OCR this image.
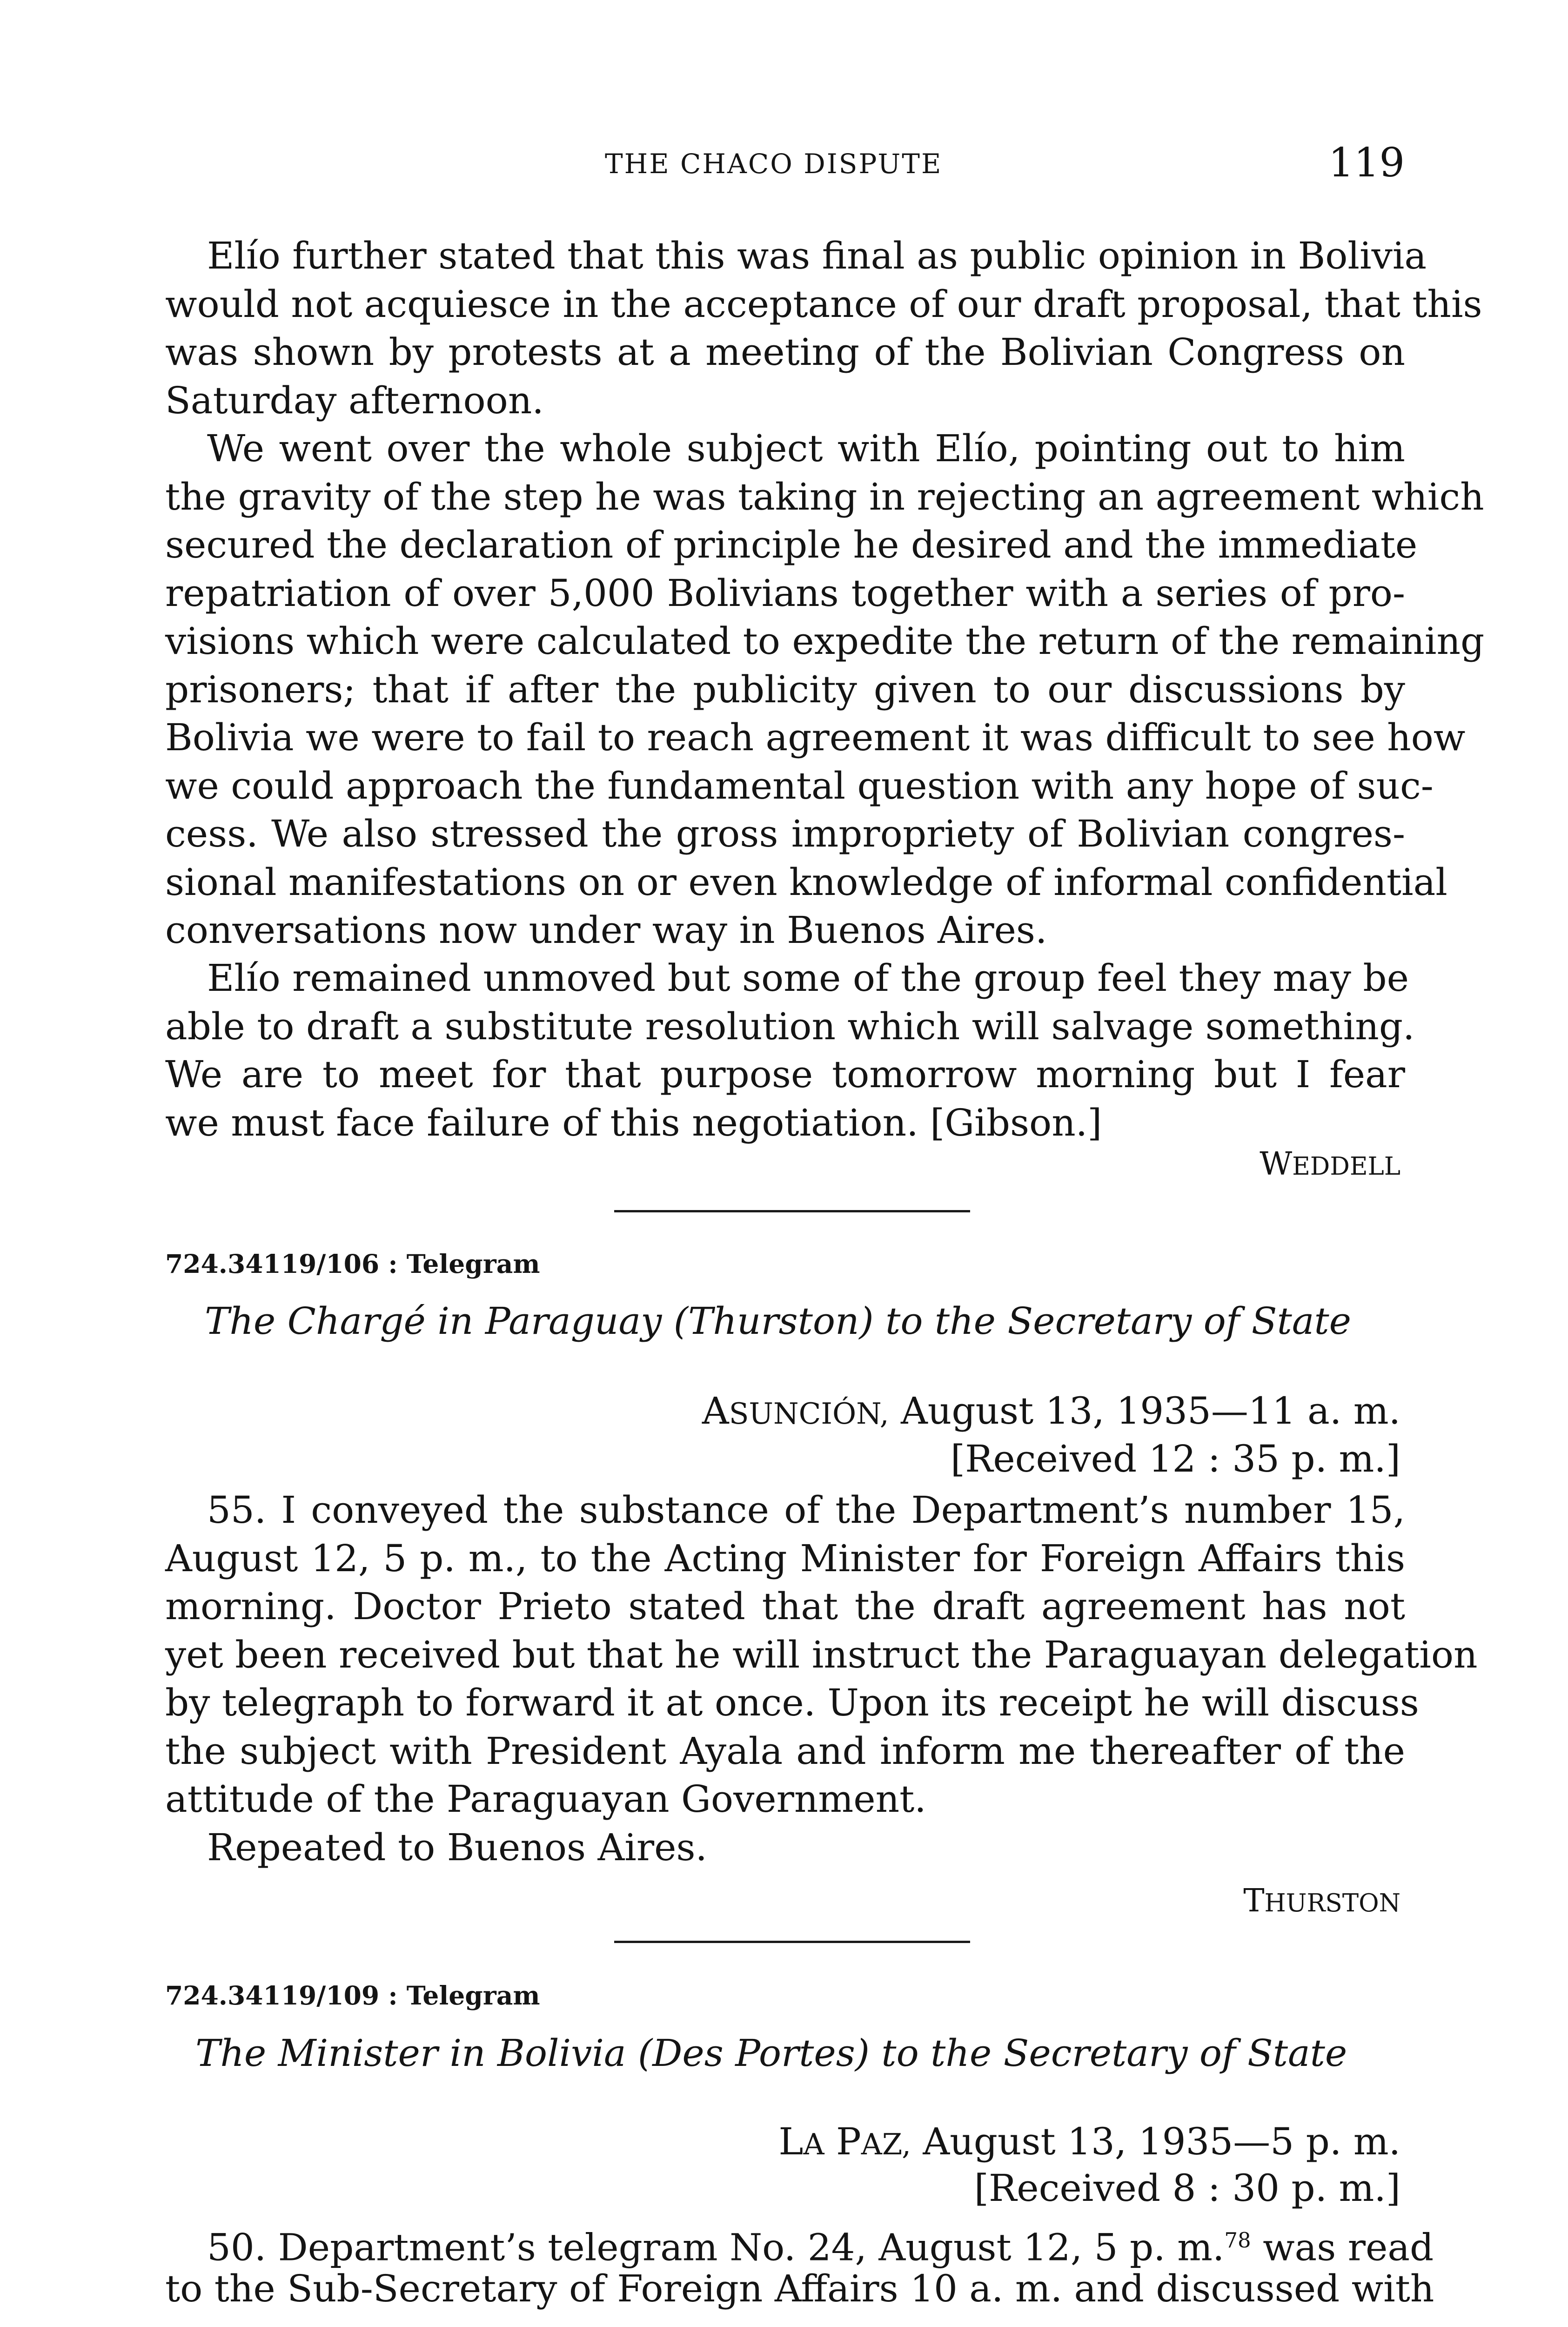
THE CHACO DISPUTE	119
Elío further stated that this was final as public opinion in Bolivia
would not acquiesce in the acceptance of our draft proposal, that this
was shown by protests at a meeting of the Bolivian Congress on
Saturday afternoon.
We went over the whole subject with Elío, pointing out to him
the gravity of the step he was taking in rejecting an agreement which
secured the declaration of principle he desired and the immediate
repatriation of over 5,000 Bolivians together with a series of pro-
visions which were calculated to expedite the return of the remaining
prisoners; that if after the publicity given to our discussions by
Bolivia we were to fail to reach agreement it was difficult to see how
we could approach the fundamental question with any hope of suc-
cess. We also stressed the gross impropriety of Bolivian congres-
sional manifestations on or even knowledge of informal confidential
conversations now under way in Buenos Aires.
Elío remained unmoved but some of the group feel they may be
able to draft a substitute resolution which will salvage something.
We are to meet for that purpose tomorrow morning but I fear
we must face failure of this negotiation. [Gibson.]
WEDDELL
724.34119/106 : Telegram
The Chargé in Paraguay (Thurston) to the Secretary of State
ASUNCIÓN, August 13, 1935—11 a. m.
[Received 12 : 35 p. m.]
55. I conveyed the substance of the Department’s number 15,
August 12, 5 p. m., to the Acting Minister for Foreign Affairs this
morning. Doctor Prieto stated that the draft agreement has not
yet been received but that he will instruct the Paraguayan delegation
by telegraph to forward it at once. Upon its receipt he will discuss
the subject with President Ayala and inform me thereafter of the
attitude of the Paraguayan Government.
Repeated to Buenos Aires.
THURSTON
724.34119/109 : Telegram
The Minister in Bolivia (Des Portes) to the Secretary of State
LA PAZ, August 13, 1935—5 p. m.
[Received 8 : 30 p. m.]
50. Department’s telegram No. 24, August 12, 5 p. m.$^{78}$ was read
to the Sub-Secretary of Foreign Affairs 10 a. m. and discussed with
